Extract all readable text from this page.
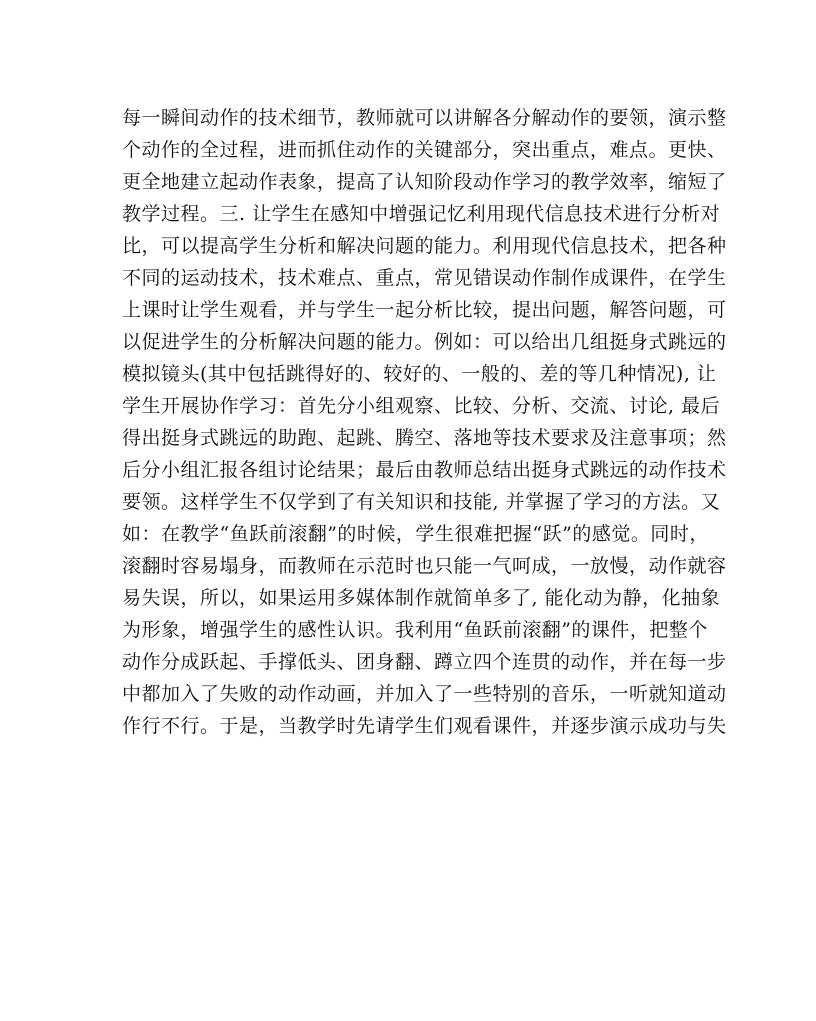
每一瞬间动作的技术细节，教师就可以讲解各分解动作的要领，演示整
个动作的全过程，进而抓住动作的关键部分，突出重点，难点。更快、
更全地建立起动作表象，提高了认知阶段动作学习的教学效率，缩短了
教学过程。三. 让学生在感知中增强记忆利用现代信息技术进行分析对
比，可以提高学生分析和解决问题的能力。利用现代信息技术，把各种
不同的运动技术，技术难点、重点，常见错误动作制作成课件，在学生
上课时让学生观看，并与学生一起分析比较，提出问题，解答问题，可
以促进学生的分析解决问题的能力。例如：可以给出几组挺身式跳远的
模拟镜头(其中包括跳得好的、较好的、一般的、差的等几种情况), 让
学生开展协作学习：首先分小组观察、比较、分析、交流、讨论, 最后
得出挺身式跳远的助跑、起跳、腾空、落地等技术要求及注意事项；然
后分小组汇报各组讨论结果；最后由教师总结出挺身式跳远的动作技术
要领。这样学生不仅学到了有关知识和技能, 并掌握了学习的方法。又
如：在教学“鱼跃前滚翻”的时候，学生很难把握“跃”的感觉。同时，
滚翻时容易塌身，而教师在示范时也只能一气呵成，一放慢，动作就容
易失误，所以，如果运用多媒体制作就简单多了, 能化动为静，化抽象
为形象，增强学生的感性认识。我利用“鱼跃前滚翻”的课件，把整个
动作分成跃起、手撑低头、团身翻、蹲立四个连贯的动作，并在每一步
中都加入了失败的动作动画，并加入了一些特别的音乐，一听就知道动
作行不行。于是，当教学时先请学生们观看课件，并逐步演示成功与失
